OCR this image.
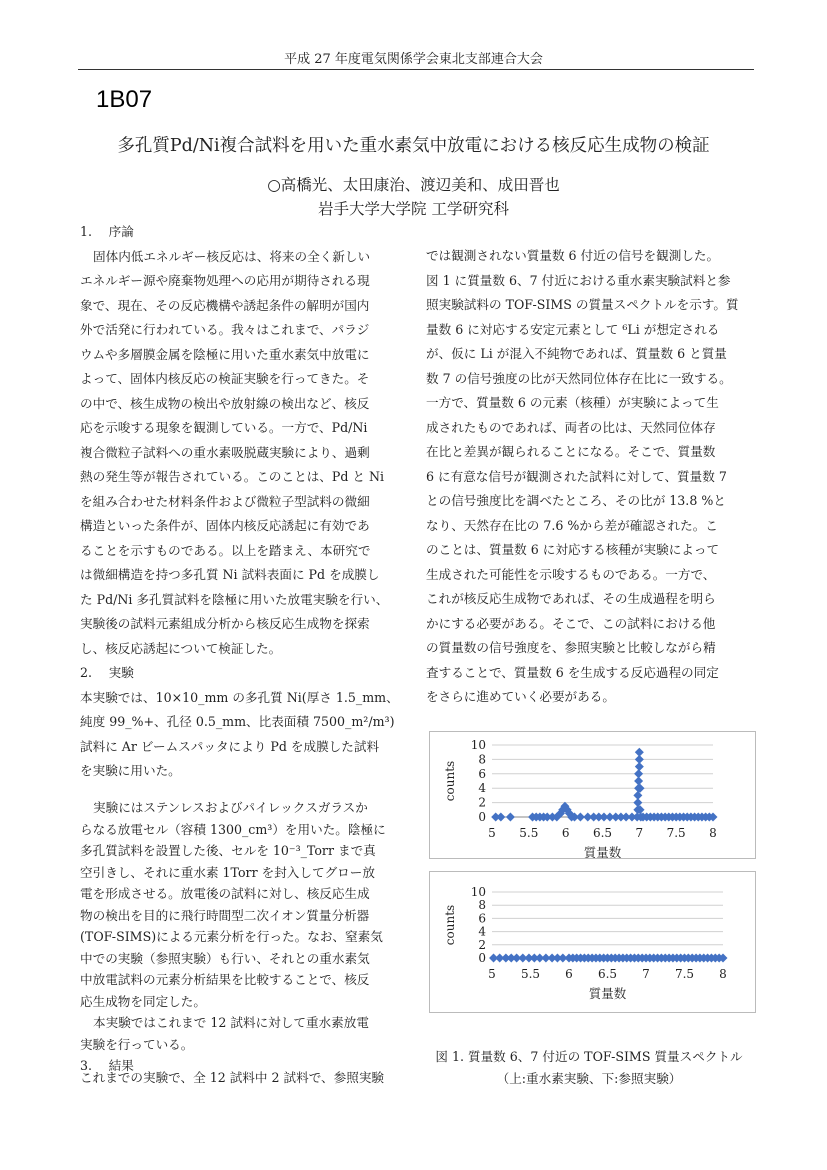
平成 27 年度電気関係学会東北支部連合大会
1B07
多孔質Pd/Ni複合試料を用いた重水素気中放電における核反応生成物の検証
○高橋光、太田康治、渡辺美和、成田晋也
岩手大学大学院 工学研究科

1.　 序論

固体内低エネルギー核反応は、将来の全く新しい

エネルギー源や廃棄物処理への応用が期待される現

象で、現在、その反応機構や誘起条件の解明が国内

外で活発に行われている。我々はこれまで、パラジ

ウムや多層膜金属を陰極に用いた重水素気中放電に

よって、固体内核反応の検証実験を行ってきた。そ

の中で、核生成物の検出や放射線の検出など、核反

応を示唆する現象を観測している。一方で、Pd/Ni

複合微粒子試料への重水素吸脱蔵実験により、過剰

熱の発生等が報告されている。このことは、Pd と Ni

を組み合わせた材料条件および微粒子型試料の微細

構造といった条件が、固体内核反応誘起に有効であ

ることを示すものである。以上を踏まえ、本研究で

は微細構造を持つ多孔質 Ni 試料表面に Pd を成膜し

た Pd/Ni 多孔質試料を陰極に用いた放電実験を行い、

実験後の試料元素組成分析から核反応生成物を探索

し、核反応誘起について検証した。

2.　 実験

本実験では、10×10_mm の多孔質 Ni(厚さ 1.5_mm、

純度 99_%+、孔径 0.5_mm、比表面積 7500_m²/m³)

試料に Ar ビームスパッタにより Pd を成膜した試料

を実験に用いた。

実験にはステンレスおよびパイレックスガラスか

らなる放電セル（容積 1300_cm³）を用いた。陰極に

多孔質試料を設置した後、セルを 10⁻³_Torr まで真

空引きし、それに重水素 1Torr を封入してグロー放

電を形成させる。放電後の試料に対し、核反応生成

物の検出を目的に飛行時間型二次イオン質量分析器

(TOF-SIMS)による元素分析を行った。なお、窒素気

中での実験（参照実験）も行い、それとの重水素気

中放電試料の元素分析結果を比較することで、核反

応生成物を同定した。

本実験ではこれまで 12 試料に対して重水素放電

実験を行っている。

3.　 結果

これまでの実験で、全 12 試料中 2 試料で、参照実験

では観測されない質量数 6 付近の信号を観測した。

図 1 に質量数 6、7 付近における重水素実験試料と参

照実験試料の TOF-SIMS の質量スペクトルを示す。質

量数 6 に対応する安定元素として ⁶Li が想定される

が、仮に Li が混入不純物であれば、質量数 6 と質量

数 7 の信号強度の比が天然同位体存在比に一致する。

一方で、質量数 6 の元素（核種）が実験によって生

成されたものであれば、両者の比は、天然同位体存

在比と差異が観られることになる。そこで、質量数

6 に有意な信号が観測された試料に対して、質量数 7

との信号強度比を調べたところ、その比が 13.8 %と

なり、天然存在比の 7.6 %から差が確認された。こ

のことは、質量数 6 に対応する核種が実験によって

生成された可能性を示唆するものである。一方で、

これが核反応生成物であれば、その生成過程を明ら

かにする必要がある。そこで、この試料における他

の質量数の信号強度を、参照実験と比較しながら精

査することで、質量数 6 を生成する反応過程の同定

をさらに進めていく必要がある。

0
2
4
6
8
10
5 5.5 6 6.5 7 7.5 8
質量数
counts
0
2
4
6
8
10
5 5.5 6 6.5 7 7.5 8
質量数
counts

図 1. 質量数 6、7 付近の TOF-SIMS 質量スペクトル

（上:重水素実験、下:参照実験）
